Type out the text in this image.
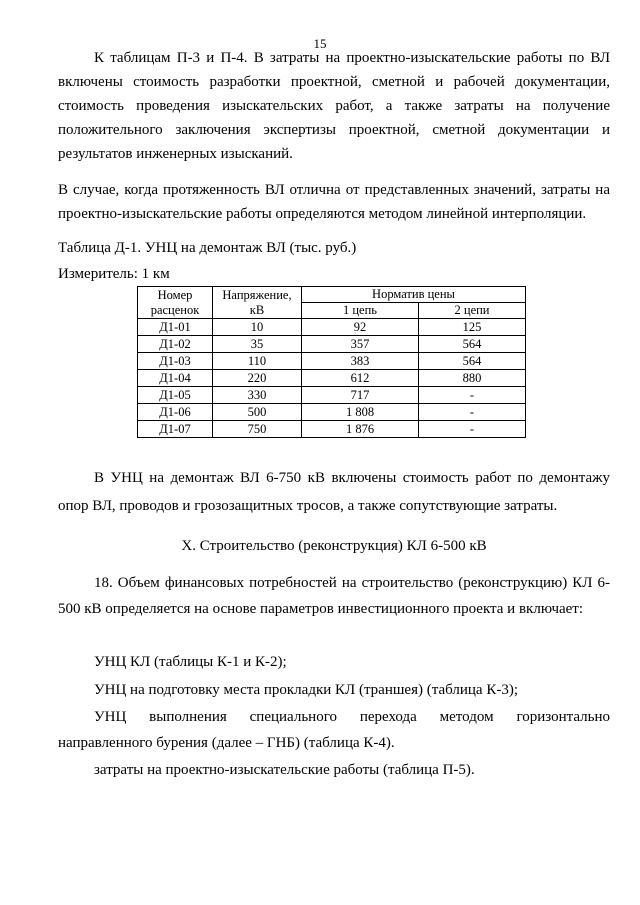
15

К таблицам П-3 и П-4. В затраты на проектно-изыскательские работы по ВЛ включены стоимость разработки проектной, сметной и рабочей документации, стоимость проведения изыскательских работ, а также затраты на получение положительного заключения экспертизы проектной, сметной документации и результатов инженерных изысканий.

В случае, когда протяженность ВЛ отлична от представленных значений, затраты на проектно-изыскательские работы определяются методом линейной интерполяции.

Таблица Д-1. УНЦ на демонтаж ВЛ (тыс. руб.)
Измеритель: 1 км
Номер расценок	Напряжение, кВ	Норматив цены	
		1 цепь	2 цепи
Д1-01	10	92	125
Д1-02	35	357	564
Д1-03	110	383	564
Д1-04	220	612	880
Д1-05	330	717	-
Д1-06	500	1 808	-
Д1-07	750	1 876	-

В УНЦ на демонтаж ВЛ 6-750 кВ включены стоимость работ по демонтажу опор ВЛ, проводов и грозозащитных тросов, а также сопутствующие затраты.

X. Строительство (реконструкция) КЛ 6-500 кВ

18. Объем финансовых потребностей на строительство (реконструкцию) КЛ 6-500 кВ определяется на основе параметров инвестиционного проекта и включает:

УНЦ КЛ (таблицы К-1 и К-2);
УНЦ на подготовку места прокладки КЛ (траншея) (таблица К-3);

УНЦ выполнения специального перехода методом горизонтально направленного бурения (далее – ГНБ) (таблица К-4).

затраты на проектно-изыскательские работы (таблица П-5).
